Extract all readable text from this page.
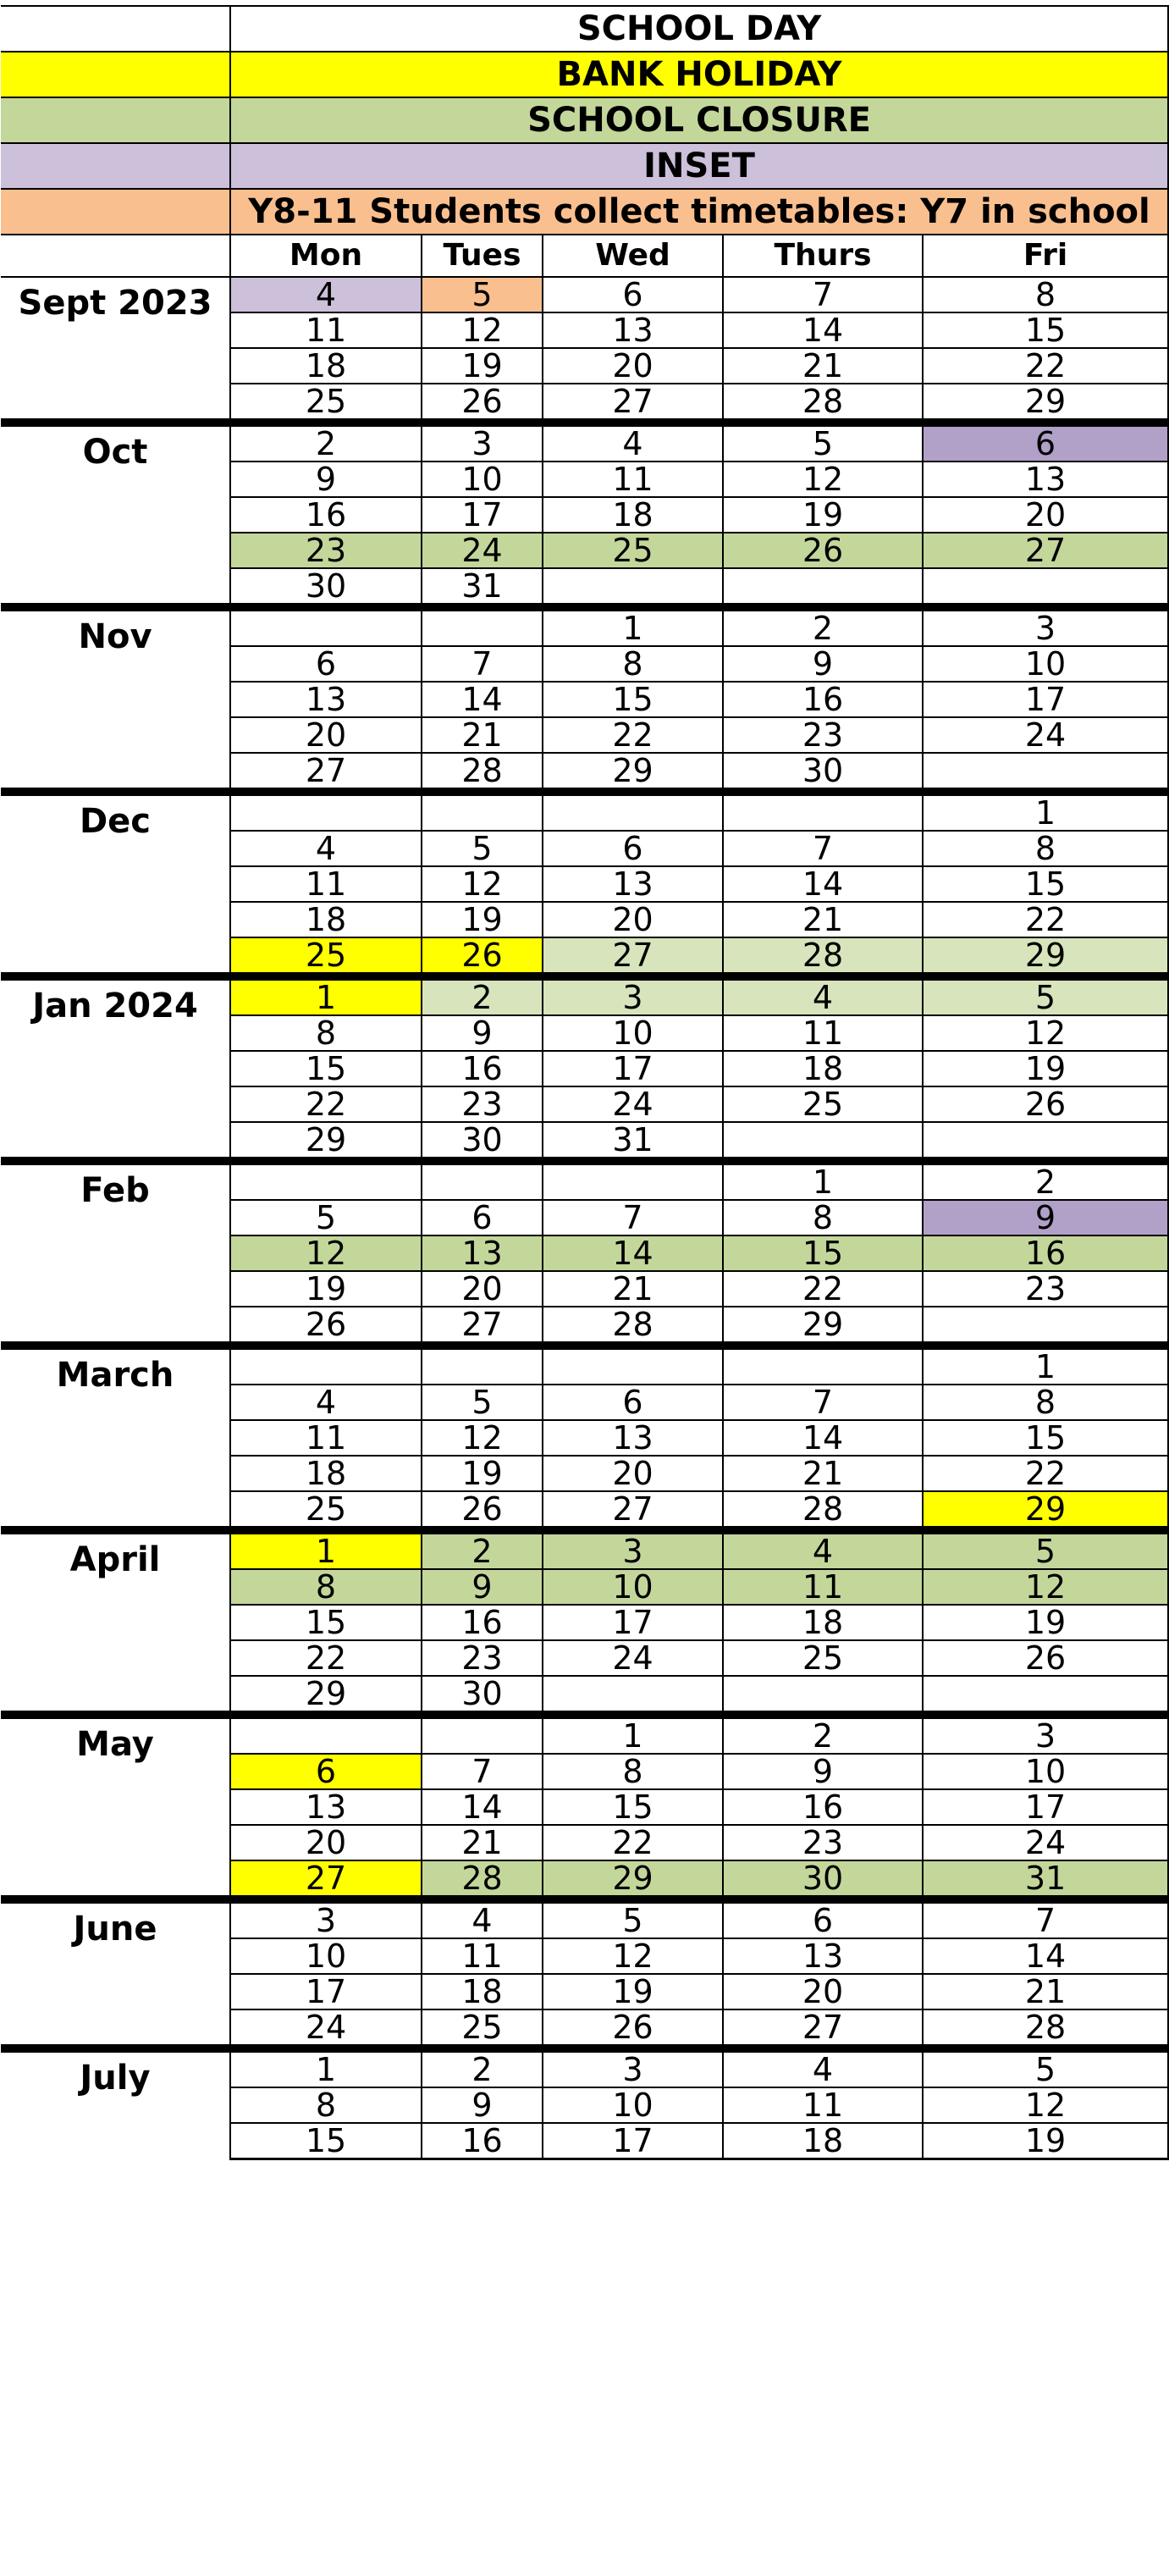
	SCHOOL DAY				
	BANK HOLIDAY				
	SCHOOL CLOSURE				
	INSET				
	Y8-11 Students collect timetables: Y7 in school				
	Mon	Tues	Wed	Thurs	Fri
Sept 2023	4	5	6	7	8
	11	12	13	14	15
	18	19	20	21	22
	25	26	27	28	29
Oct	2	3	4	5	6
	9	10	11	12	13
	16	17	18	19	20
	23	24	25	26	27
	30	31			
Nov			1	2	3
	6	7	8	9	10
	13	14	15	16	17
	20	21	22	23	24
	27	28	29	30	
Dec					1
	4	5	6	7	8
	11	12	13	14	15
	18	19	20	21	22
	25	26	27	28	29
Jan 2024	1	2	3	4	5
	8	9	10	11	12
	15	16	17	18	19
	22	23	24	25	26
	29	30	31		
Feb				1	2
	5	6	7	8	9
	12	13	14	15	16
	19	20	21	22	23
	26	27	28	29	
March					1
	4	5	6	7	8
	11	12	13	14	15
	18	19	20	21	22
	25	26	27	28	29
April	1	2	3	4	5
	8	9	10	11	12
	15	16	17	18	19
	22	23	24	25	26
	29	30			
May			1	2	3
	6	7	8	9	10
	13	14	15	16	17
	20	21	22	23	24
	27	28	29	30	31
June	3	4	5	6	7
	10	11	12	13	14
	17	18	19	20	21
	24	25	26	27	28
July	1	2	3	4	5
	8	9	10	11	12
	15	16	17	18	19
